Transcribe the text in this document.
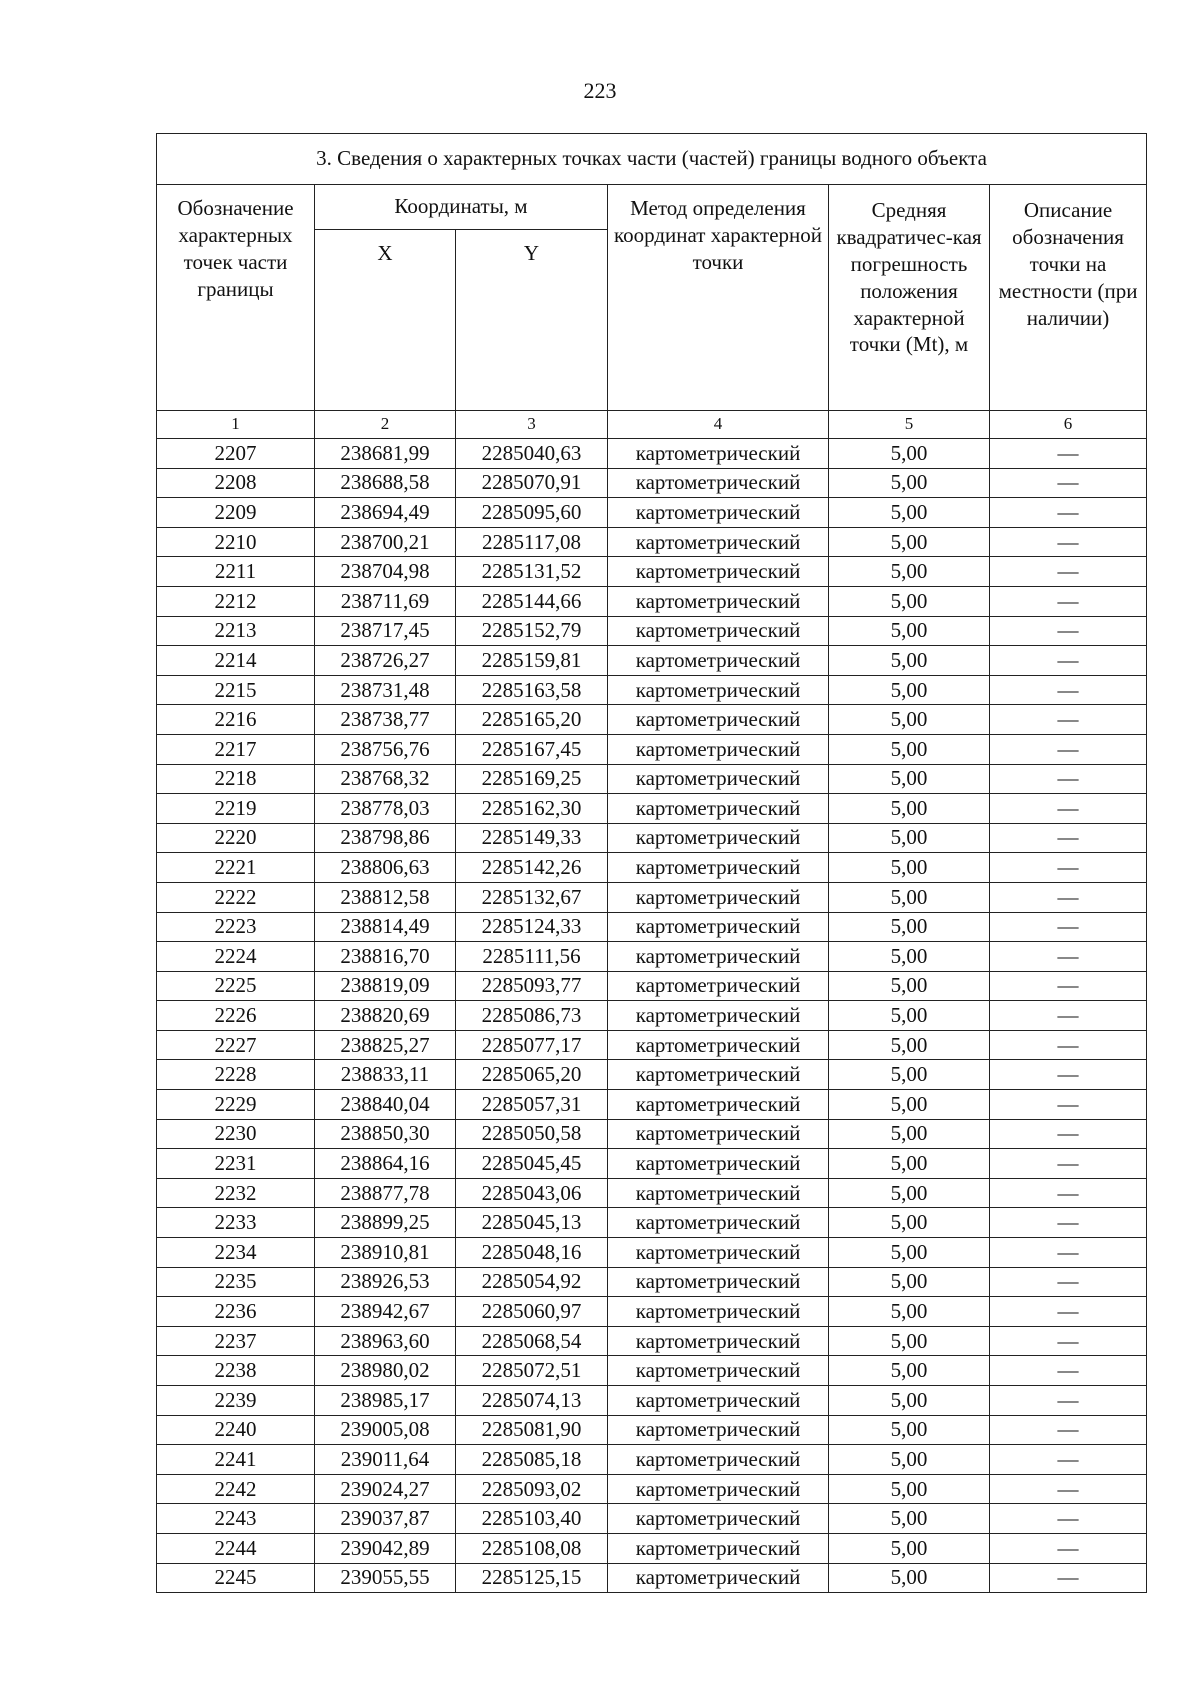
223
3. Сведения о характерных точках части (частей) границы водного объекта					
Обозначение характерных точек части границы	Координаты, м		Метод определения координат характерной точки	Средняя квадратичес-кая погрешность положения характерной точки (Mt), м	Описание обозначения точки на местности (при наличии)
	X	Y			
1	2	3	4	5	6
2207	238681,99	2285040,63	картометрический	5,00	—
2208	238688,58	2285070,91	картометрический	5,00	—
2209	238694,49	2285095,60	картометрический	5,00	—
2210	238700,21	2285117,08	картометрический	5,00	—
2211	238704,98	2285131,52	картометрический	5,00	—
2212	238711,69	2285144,66	картометрический	5,00	—
2213	238717,45	2285152,79	картометрический	5,00	—
2214	238726,27	2285159,81	картометрический	5,00	—
2215	238731,48	2285163,58	картометрический	5,00	—
2216	238738,77	2285165,20	картометрический	5,00	—
2217	238756,76	2285167,45	картометрический	5,00	—
2218	238768,32	2285169,25	картометрический	5,00	—
2219	238778,03	2285162,30	картометрический	5,00	—
2220	238798,86	2285149,33	картометрический	5,00	—
2221	238806,63	2285142,26	картометрический	5,00	—
2222	238812,58	2285132,67	картометрический	5,00	—
2223	238814,49	2285124,33	картометрический	5,00	—
2224	238816,70	2285111,56	картометрический	5,00	—
2225	238819,09	2285093,77	картометрический	5,00	—
2226	238820,69	2285086,73	картометрический	5,00	—
2227	238825,27	2285077,17	картометрический	5,00	—
2228	238833,11	2285065,20	картометрический	5,00	—
2229	238840,04	2285057,31	картометрический	5,00	—
2230	238850,30	2285050,58	картометрический	5,00	—
2231	238864,16	2285045,45	картометрический	5,00	—
2232	238877,78	2285043,06	картометрический	5,00	—
2233	238899,25	2285045,13	картометрический	5,00	—
2234	238910,81	2285048,16	картометрический	5,00	—
2235	238926,53	2285054,92	картометрический	5,00	—
2236	238942,67	2285060,97	картометрический	5,00	—
2237	238963,60	2285068,54	картометрический	5,00	—
2238	238980,02	2285072,51	картометрический	5,00	—
2239	238985,17	2285074,13	картометрический	5,00	—
2240	239005,08	2285081,90	картометрический	5,00	—
2241	239011,64	2285085,18	картометрический	5,00	—
2242	239024,27	2285093,02	картометрический	5,00	—
2243	239037,87	2285103,40	картометрический	5,00	—
2244	239042,89	2285108,08	картометрический	5,00	—
2245	239055,55	2285125,15	картометрический	5,00	—
